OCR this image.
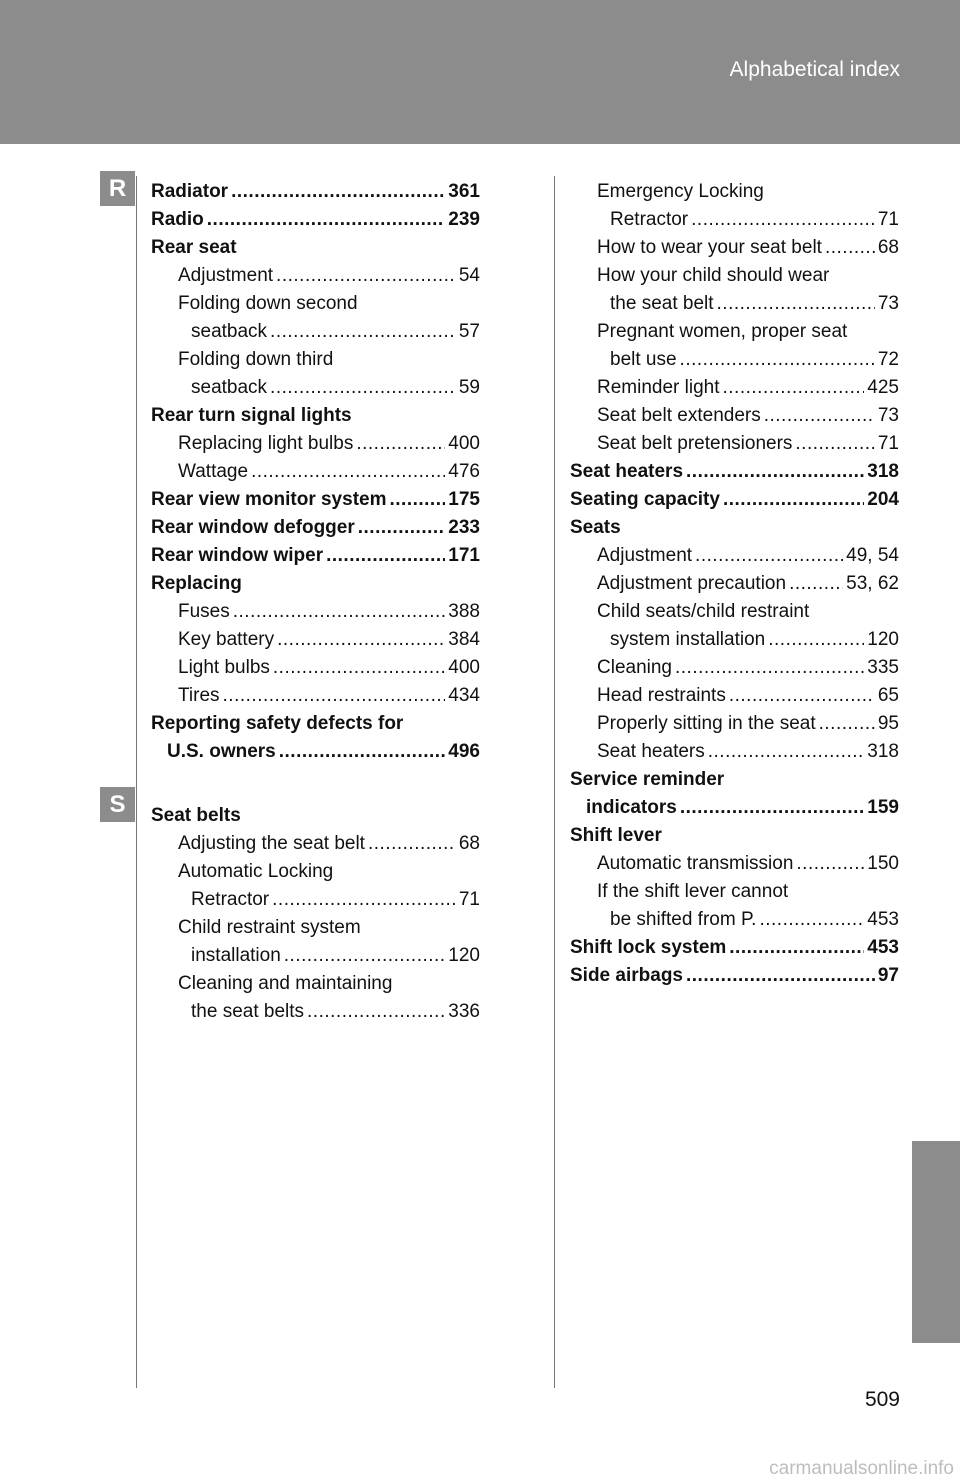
Alphabetical index
R
S
Radiator .....	361
Radio .....	239
Rear seat
Adjustment .....	54
Folding down second
seatback .....	57
Folding down third
seatback .....	59
Rear turn signal lights
Replacing light bulbs .....	400
Wattage .....	476
Rear view monitor system .....	175
Rear window defogger .....	233
Rear window wiper .....	171
Replacing
Fuses .....	388
Key battery .....	384
Light bulbs .....	400
Tires .....	434
Reporting safety defects for
U.S. owners .....	496
Seat belts
Adjusting the seat belt .....	68
Automatic Locking
Retractor .....	71
Child restraint system
installation .....	120
Cleaning and maintaining
the seat belts .....	336
Emergency Locking
Retractor .....	71
How to wear your seat belt .....	68
How your child should wear
the seat belt .....	73
Pregnant women, proper seat
belt use .....	72
Reminder light .....	425
Seat belt extenders .....	73
Seat belt pretensioners .....	71
Seat heaters .....	318
Seating capacity .....	204
Seats
Adjustment .....	49, 54
Adjustment precaution .....	53, 62
Child seats/child restraint
system installation .....	120
Cleaning .....	335
Head restraints .....	65
Properly sitting in the seat .....	95
Seat heaters .....	318
Service reminder
indicators .....	159
Shift lever
Automatic transmission .....	150
If the shift lever cannot
be shifted from P. .....	453
Shift lock system .....	453
Side airbags .....	97
509
carmanualsonline.info
